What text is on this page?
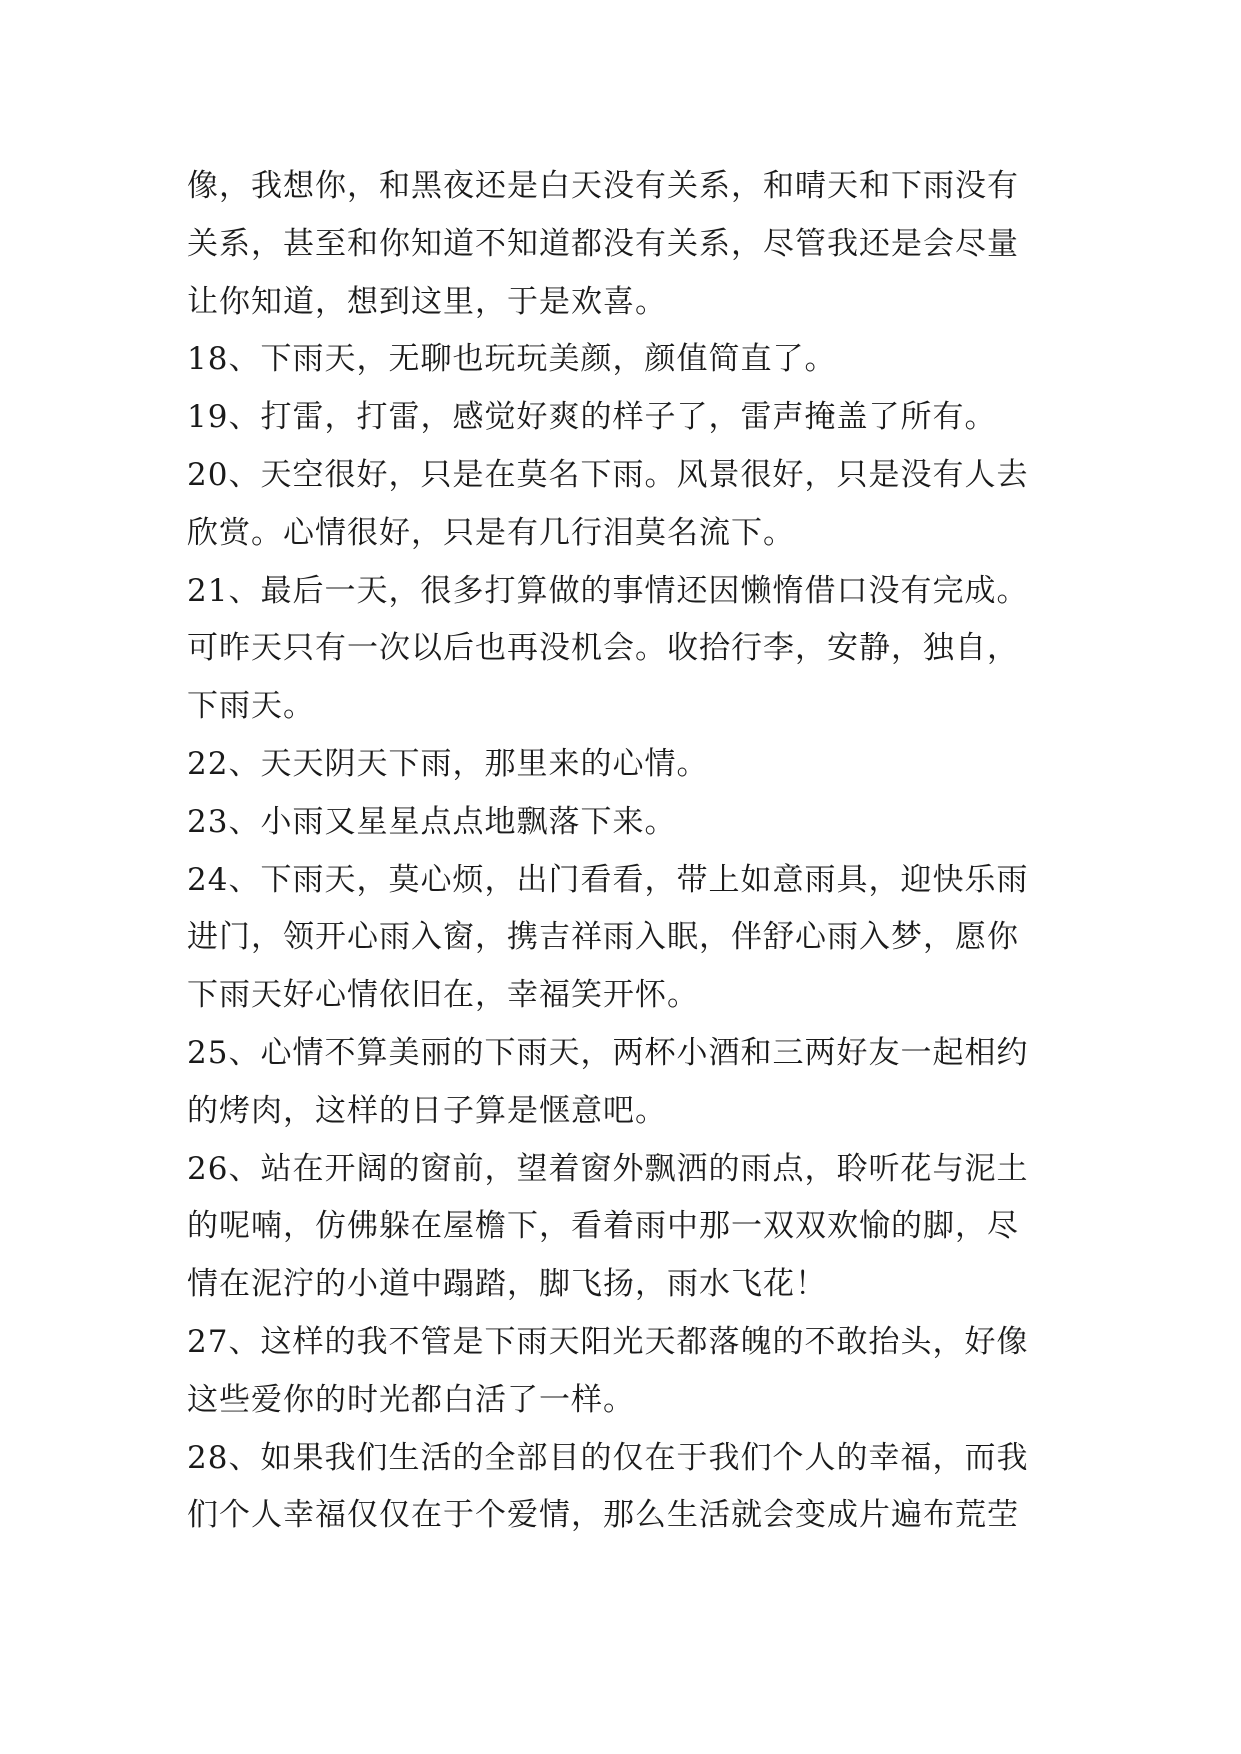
像，我想你，和黑夜还是白天没有关系，和晴天和下雨没有
关系，甚至和你知道不知道都没有关系，尽管我还是会尽量
让你知道，想到这里，于是欢喜。
18、下雨天，无聊也玩玩美颜，颜值简直了。
19、打雷，打雷，感觉好爽的样子了，雷声掩盖了所有。
20、天空很好，只是在莫名下雨。风景很好，只是没有人去
欣赏。心情很好，只是有几行泪莫名流下。
21、最后一天，很多打算做的事情还因懒惰借口没有完成。
可昨天只有一次以后也再没机会。收拾行李，安静，独自，
下雨天。
22、天天阴天下雨，那里来的心情。
23、小雨又星星点点地飘落下来。
24、下雨天，莫心烦，出门看看，带上如意雨具，迎快乐雨
进门，领开心雨入窗，携吉祥雨入眠，伴舒心雨入梦，愿你
下雨天好心情依旧在，幸福笑开怀。
25、心情不算美丽的下雨天，两杯小酒和三两好友一起相约
的烤肉，这样的日子算是惬意吧。
26、站在开阔的窗前，望着窗外飘洒的雨点，聆听花与泥土
的呢喃，仿佛躲在屋檐下，看着雨中那一双双欢愉的脚，尽
情在泥泞的小道中蹋踏，脚飞扬，雨水飞花！
27、这样的我不管是下雨天阳光天都落魄的不敢抬头，好像
这些爱你的时光都白活了一样。
28、如果我们生活的全部目的仅在于我们个人的幸福，而我
们个人幸福仅仅在于个爱情，那么生活就会变成片遍布荒茔
